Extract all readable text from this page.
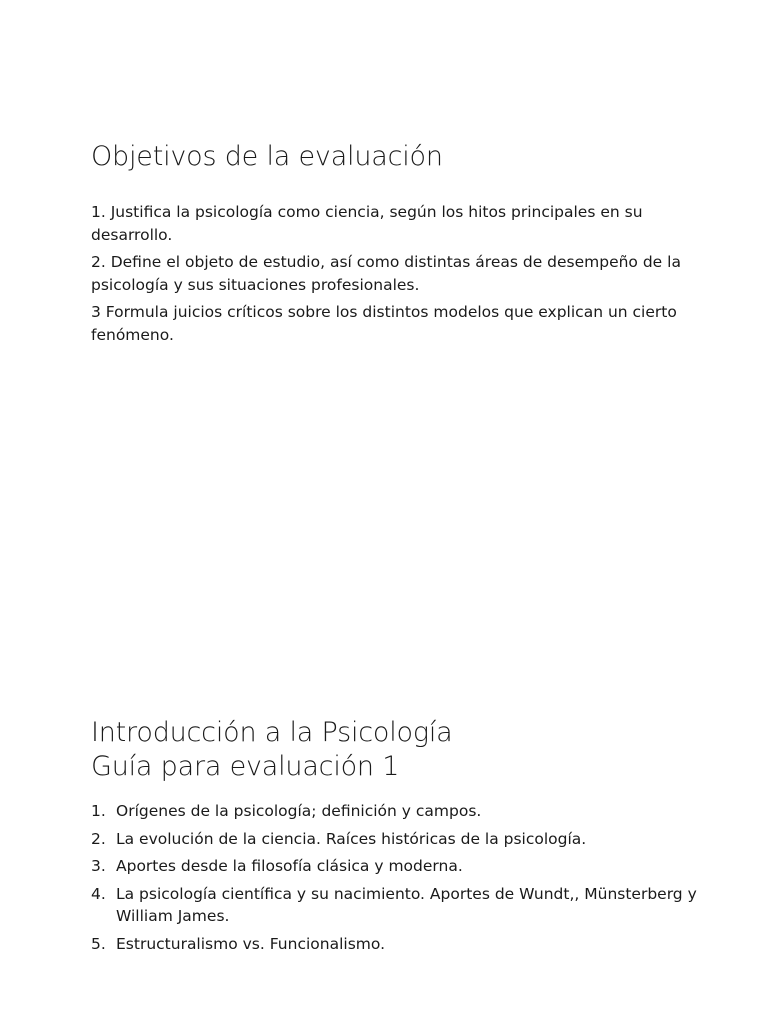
Objetivos de la evaluación

1. Justifica la psicología como ciencia, según los hitos principales en su desarrollo.

2. Define el objeto de estudio, así como distintas áreas de desempeño de la psicología y sus situaciones profesionales.

3 Formula juicios críticos sobre los distintos modelos que explican un cierto fenómeno.

Introducción a la Psicología
Guía para evaluación 1
1. Orígenes de la psicología; definición y campos.
2. La evolución de la ciencia. Raíces históricas de la psicología.
3. Aportes desde la filosofía clásica y moderna.
4. La psicología científica y su nacimiento. Aportes de Wundt,, Münsterberg y William James.
5. Estructuralismo vs. Funcionalismo.
